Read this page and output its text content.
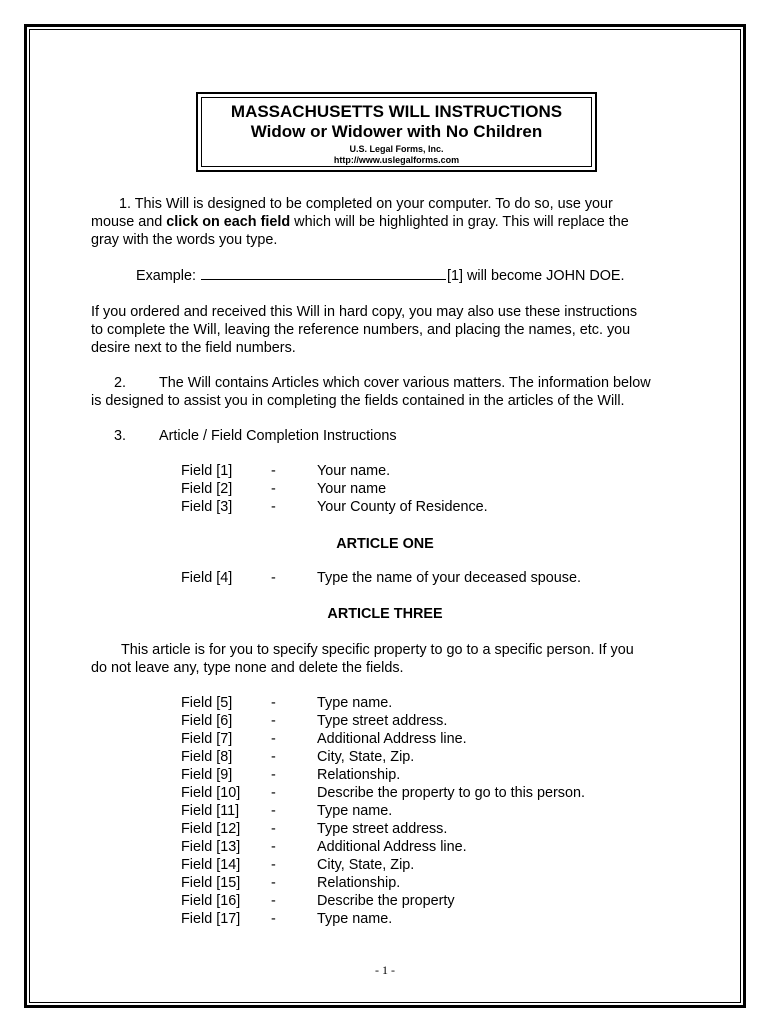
MASSACHUSETTS WILL INSTRUCTIONS
Widow or Widower with No Children
U.S. Legal Forms, Inc.
http://www.uslegalforms.com
1. This Will is designed to be completed on your computer. To do so, use your
mouse and click on each field which will be highlighted in gray. This will replace the
gray with the words you type.
Example:	[1] will become JOHN DOE.
If you ordered and received this Will in hard copy, you may also use these instructions
to complete the Will, leaving the reference numbers, and placing the names, etc. you
desire next to the field numbers.
2. The Will contains Articles which cover various matters. The information below
is designed to assist you in completing the fields contained in the articles of the Will.
3. Article / Field Completion Instructions
Field [1]	-	Your name.
Field [2]	-	Your name
Field [3]	-	Your County of Residence.
ARTICLE ONE
Field [4]	-	Type the name of your deceased spouse.
ARTICLE THREE
This article is for you to specify specific property to go to a specific person. If you
do not leave any, type none and delete the fields.
Field [5]	-	Type name.
Field [6]	-	Type street address.
Field [7]	-	Additional Address line.
Field [8]	-	City, State, Zip.
Field [9]	-	Relationship.
Field [10] -	Describe the property to go to this person.
Field [11] -	Type name.
Field [12] -	Type street address.
Field [13] -	Additional Address line.
Field [14] -	City, State, Zip.
Field [15] -	Relationship.
Field [16] -	Describe the property
Field [17] -	Type name.
- 1 -
